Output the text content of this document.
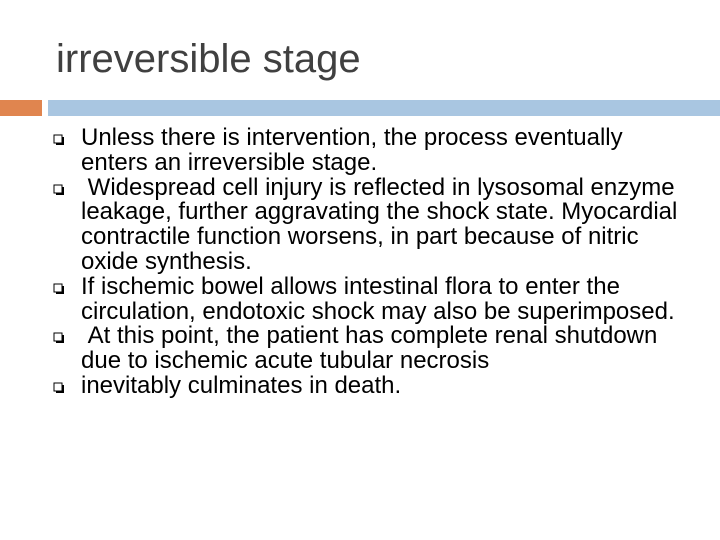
irreversible stage
Unless there is intervention, the process eventually enters an irreversible stage.
Widespread cell injury is reflected in lysosomal enzyme leakage, further aggravating the shock state. Myocardial contractile function worsens, in part because of nitric oxide synthesis.
If ischemic bowel allows intestinal flora to enter the circulation, endotoxic shock may also be superimposed.
At this point, the patient has complete renal shutdown due to ischemic acute tubular necrosis
inevitably culminates in death.
